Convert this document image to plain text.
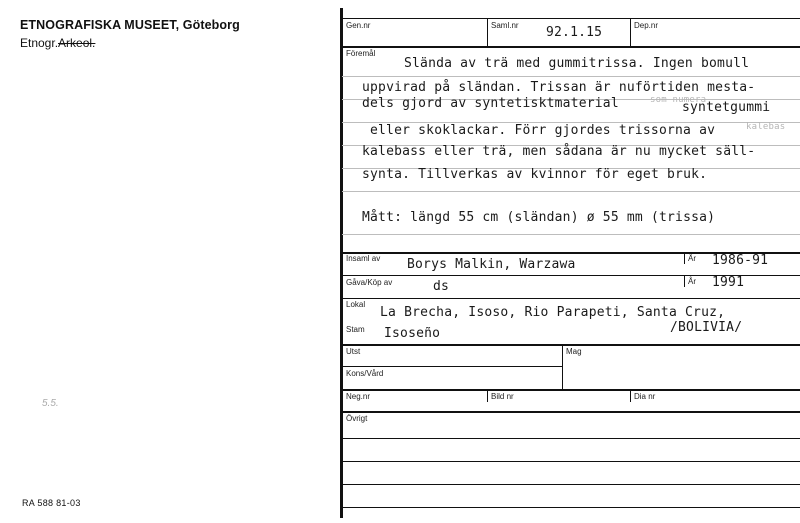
ETNOGRAFISKA MUSEET, Göteborg
Etnogr.Arkeol.
5.5.
RA 588 81-03
Gen.nr	Saml.nr 92.1.15	Dep.nr
Föremål
Slända av trä med gummitrissa. Ingen bomull
uppvirad på sländan. Trissan är nuförtiden mesta-
dels gjord av syntetisktmaterial	som numera
syntetgummi
eller skoklackar. Förr gjordes trissorna av	kalebas
kalebass eller trä, men sådana är nu mycket säll-
synta. Tillverkas av kvinnor för eget bruk.
Mått: längd 55 cm (sländan) ø 55 mm (trissa)
Insaml av Borys Malkin, Warzawa	År 1986-91
Gåva/Köp av	ds	År 1991
Lokal
La Brecha, Isoso, Rio Parapeti, Santa Cruz,
Stam Isoseño	/BOLIVIA/
Utst	Mag
Kons/Vård
Neg.nr	Bild nr	Dia nr
Övrigt
